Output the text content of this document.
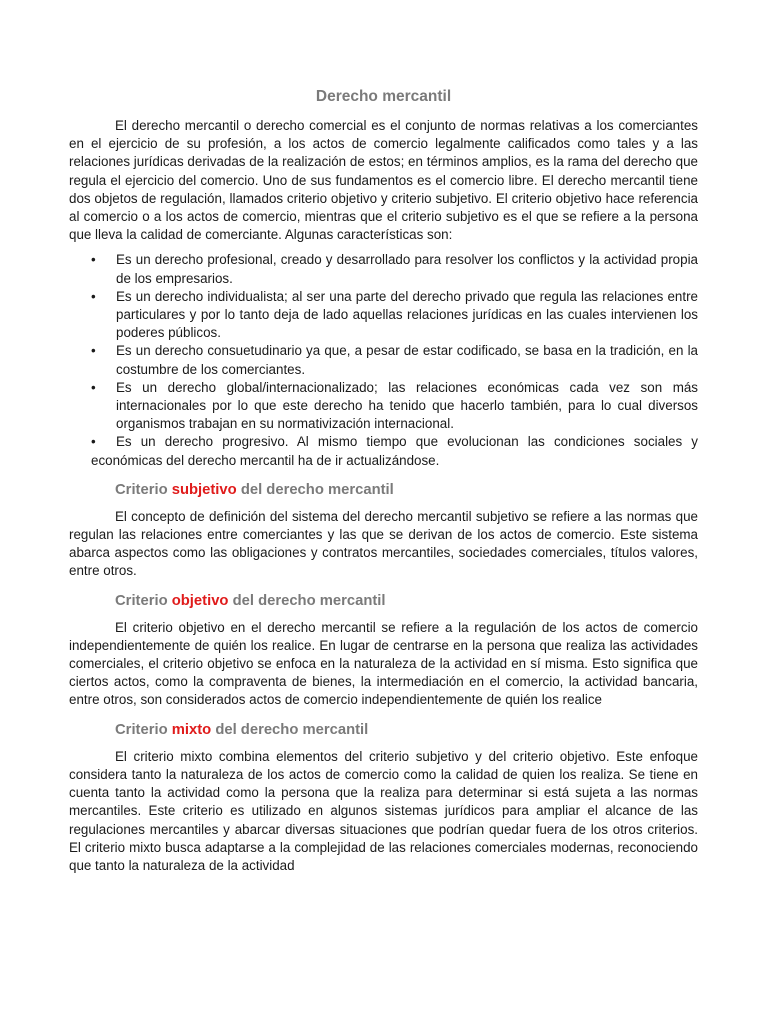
Derecho mercantil

El derecho mercantil o derecho comercial es el conjunto de normas relativas a los comerciantes en el ejercicio de su profesión, a los actos de comercio legalmente calificados como tales y a las relaciones jurídicas derivadas de la realización de estos; en términos amplios, es la rama del derecho que regula el ejercicio del comercio. Uno de sus fundamentos es el comercio libre. El derecho mercantil tiene dos objetos de regulación, llamados criterio objetivo y criterio subjetivo. El criterio objetivo hace referencia al comercio o a los actos de comercio, mientras que el criterio subjetivo es el que se refiere a la persona que lleva la calidad de comerciante. Algunas características son:

• Es un derecho profesional, creado y desarrollado para resolver los conflictos y la actividad propia de los empresarios.
• Es un derecho individualista; al ser una parte del derecho privado que regula las relaciones entre particulares y por lo tanto deja de lado aquellas relaciones jurídicas en las cuales intervienen los poderes públicos.
• Es un derecho consuetudinario ya que, a pesar de estar codificado, se basa en la tradición, en la costumbre de los comerciantes.
• Es un derecho global/internacionalizado; las relaciones económicas cada vez son más internacionales por lo que este derecho ha tenido que hacerlo también, para lo cual diversos organismos trabajan en su normativización internacional.
• Es un derecho progresivo. Al mismo tiempo que evolucionan las condiciones sociales y económicas del derecho mercantil ha de ir actualizándose.
Criterio subjetivo del derecho mercantil

El concepto de definición del sistema del derecho mercantil subjetivo se refiere a las normas que regulan las relaciones entre comerciantes y las que se derivan de los actos de comercio. Este sistema abarca aspectos como las obligaciones y contratos mercantiles, sociedades comerciales, títulos valores, entre otros.

Criterio objetivo del derecho mercantil

El criterio objetivo en el derecho mercantil se refiere a la regulación de los actos de comercio independientemente de quién los realice. En lugar de centrarse en la persona que realiza las actividades comerciales, el criterio objetivo se enfoca en la naturaleza de la actividad en sí misma. Esto significa que ciertos actos, como la compraventa de bienes, la intermediación en el comercio, la actividad bancaria, entre otros, son considerados actos de comercio independientemente de quién los realice

Criterio mixto del derecho mercantil

El criterio mixto combina elementos del criterio subjetivo y del criterio objetivo. Este enfoque considera tanto la naturaleza de los actos de comercio como la calidad de quien los realiza. Se tiene en cuenta tanto la actividad como la persona que la realiza para determinar si está sujeta a las normas mercantiles. Este criterio es utilizado en algunos sistemas jurídicos para ampliar el alcance de las regulaciones mercantiles y abarcar diversas situaciones que podrían quedar fuera de los otros criterios. El criterio mixto busca adaptarse a la complejidad de las relaciones comerciales modernas, reconociendo que tanto la naturaleza de la actividad
